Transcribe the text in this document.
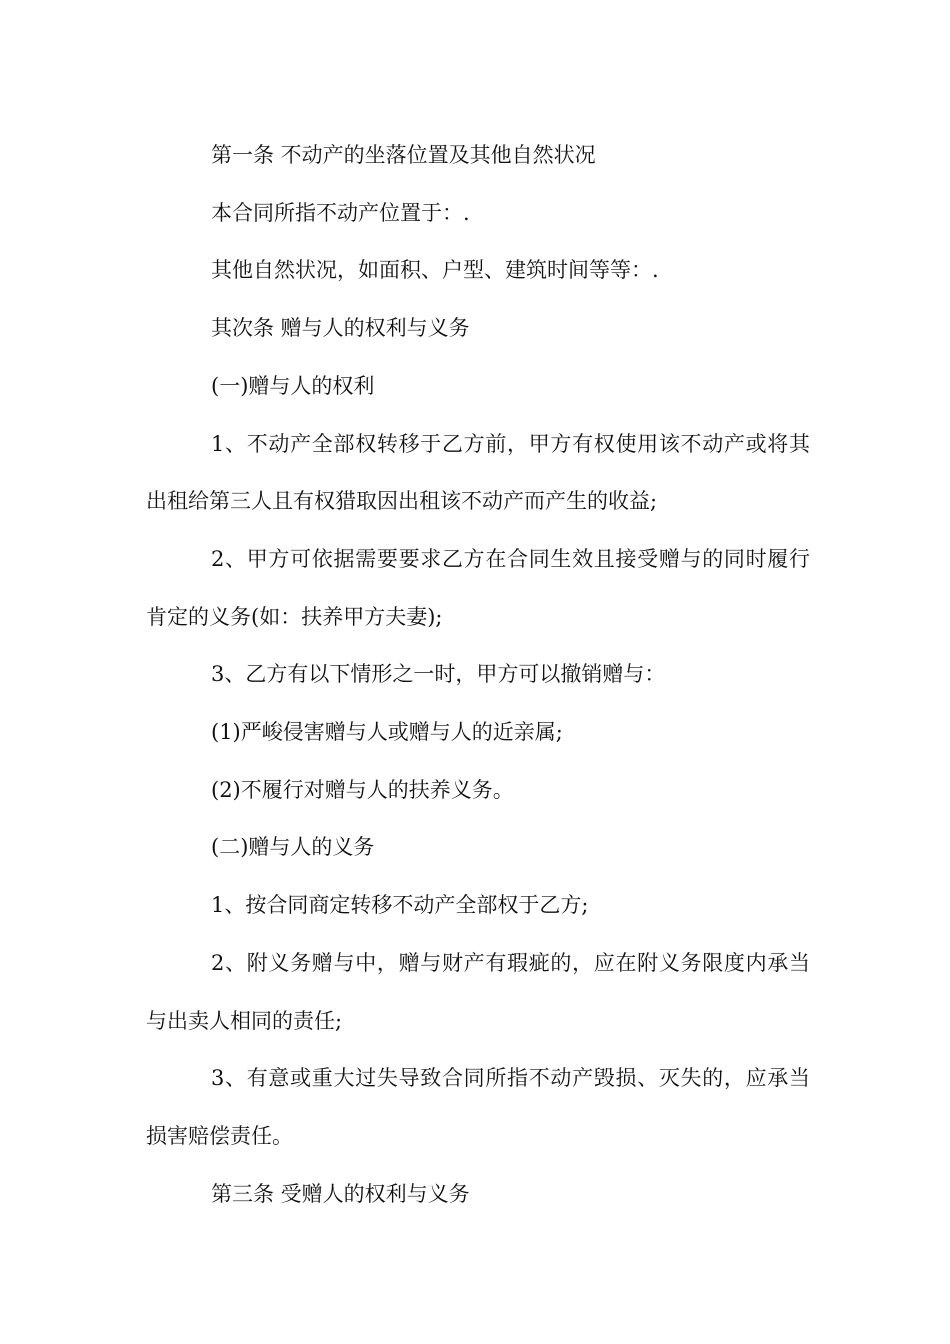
第一条 不动产的坐落位置及其他自然状况

本合同所指不动产位置于：.

其他自然状况，如面积、户型、建筑时间等等：.

其次条 赠与人的权利与义务

(一)赠与人的权利

1、不动产全部权转移于乙方前，甲方有权使用该不动产或将其出租给第三人且有权猎取因出租该不动产而产生的收益;

2、甲方可依据需要要求乙方在合同生效且接受赠与的同时履行肯定的义务(如：扶养甲方夫妻);

3、乙方有以下情形之一时，甲方可以撤销赠与：

(1)严峻侵害赠与人或赠与人的近亲属;

(2)不履行对赠与人的扶养义务。

(二)赠与人的义务

1、按合同商定转移不动产全部权于乙方;

2、附义务赠与中，赠与财产有瑕疵的，应在附义务限度内承当与出卖人相同的责任;

3、有意或重大过失导致合同所指不动产毁损、灭失的，应承当损害赔偿责任。

第三条 受赠人的权利与义务
